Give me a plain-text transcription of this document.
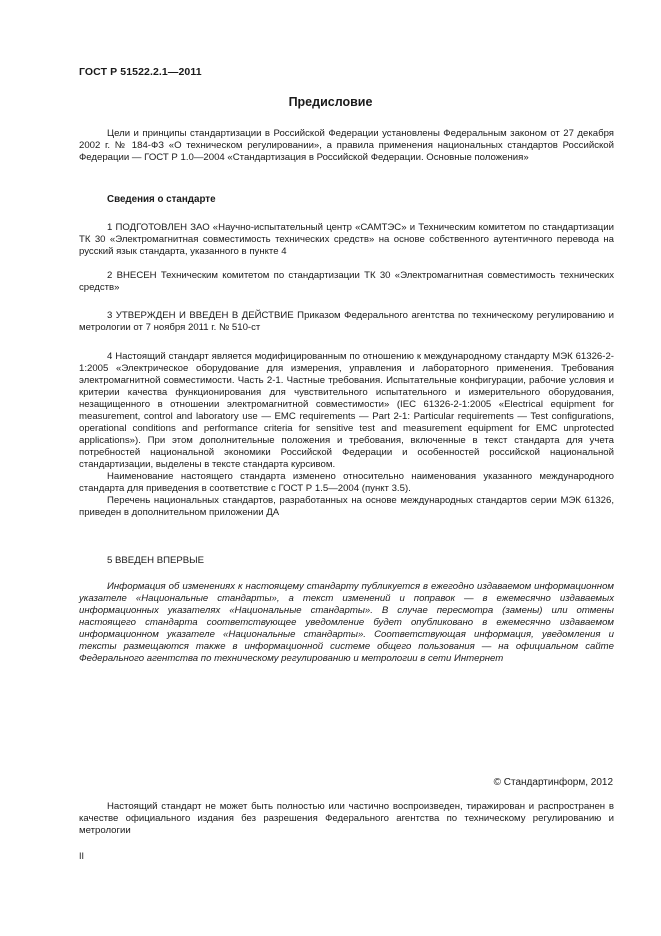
ГОСТ Р 51522.2.1—2011
Предисловие

Цели и принципы стандартизации в Российской Федерации установлены Федеральным законом от 27 декабря 2002 г. № 184-ФЗ «О техническом регулировании», а правила применения национальных стандартов Российской Федерации — ГОСТ Р 1.0—2004 «Стандартизация в Российской Федерации. Основные положения»

Сведения о стандарте

1 ПОДГОТОВЛЕН ЗАО «Научно-испытательный центр «САМТЭС» и Техническим комитетом по стандартизации ТК 30 «Электромагнитная совместимость технических средств» на основе собственного аутентичного перевода на русский язык стандарта, указанного в пункте 4

2 ВНЕСЕН Техническим комитетом по стандартизации ТК 30 «Электромагнитная совместимость технических средств»

3 УТВЕРЖДЕН И ВВЕДЕН В ДЕЙСТВИЕ Приказом Федерального агентства по техническому регулированию и метрологии от 7 ноября 2011 г. № 510-ст

4 Настоящий стандарт является модифицированным по отношению к международному стандарту МЭК 61326-2-1:2005 «Электрическое оборудование для измерения, управления и лабораторного применения. Требования электромагнитной совместимости. Часть 2-1. Частные требования. Испытательные конфигурации, рабочие условия и критерии качества функционирования для чувствительного испытательного и измерительного оборудования, незащищенного в отношении электромагнитной совместимости» (IEC 61326-2-1:2005 «Electrical equipment for measurement, control and laboratory use — EMC requirements — Part 2-1: Particular requirements — Test configurations, operational conditions and performance criteria for sensitive test and measurement equipment for EMC unprotected applications»). При этом дополнительные положения и требования, включенные в текст стандарта для учета потребностей национальной экономики Российской Федерации и особенностей российской национальной стандартизации, выделены в тексте стандарта курсивом.

Наименование настоящего стандарта изменено относительно наименования указанного международного стандарта для приведения в соответствие с ГОСТ Р 1.5—2004 (пункт 3.5).

Перечень национальных стандартов, разработанных на основе международных стандартов серии МЭК 61326, приведен в дополнительном приложении ДА

5 ВВЕДЕН ВПЕРВЫЕ

Информация об изменениях к настоящему стандарту публикуется в ежегодно издаваемом информационном указателе «Национальные стандарты», а текст изменений и поправок — в ежемесячно издаваемых информационных указателях «Национальные стандарты». В случае пересмотра (замены) или отмены настоящего стандарта соответствующее уведомление будет опубликовано в ежемесячно издаваемом информационном указателе «Национальные стандарты». Соответствующая информация, уведомления и тексты размещаются также в информационной системе общего пользования — на официальном сайте Федерального агентства по техническому регулированию и метрологии в сети Интернет

© Стандартинформ, 2012

Настоящий стандарт не может быть полностью или частично воспроизведен, тиражирован и распространен в качестве официального издания без разрешения Федерального агентства по техническому регулированию и метрологии

II
